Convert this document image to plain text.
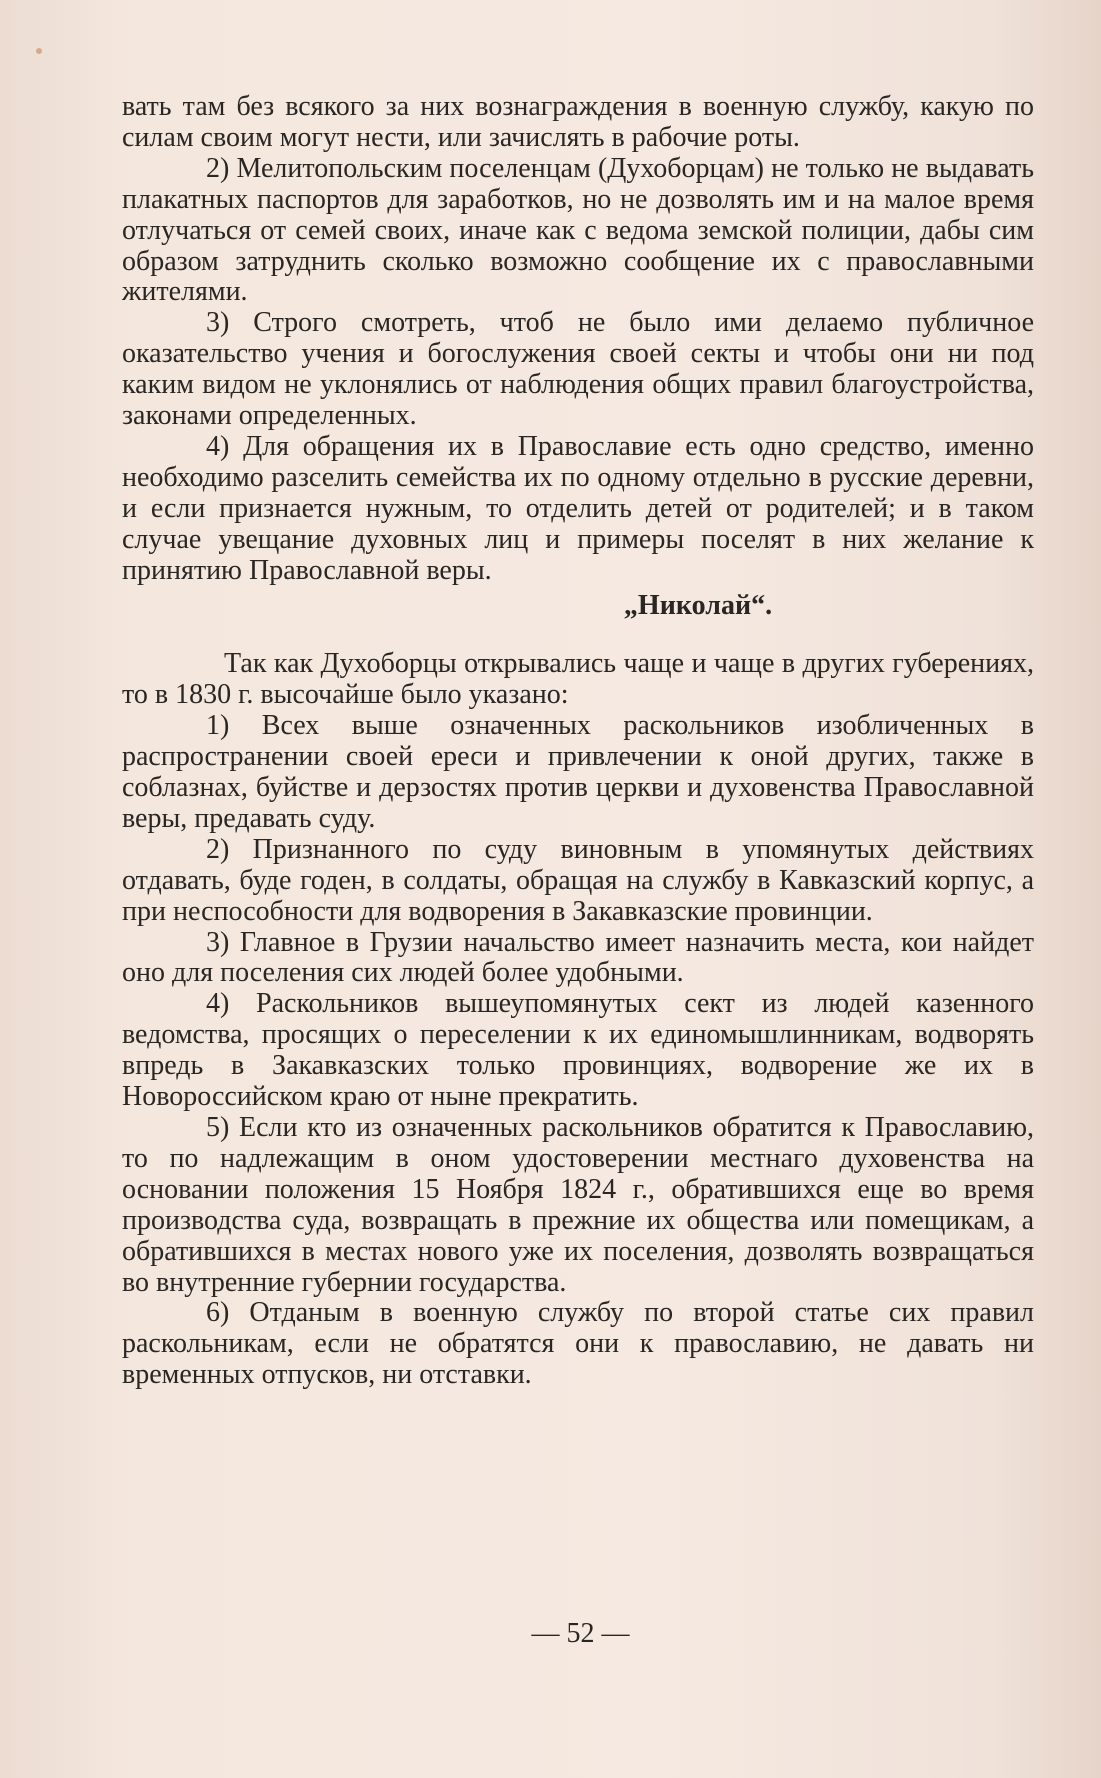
вать там без всякого за них вознаграждения в военную службу, какую по силам своим могут нести, или зачислять в рабочие роты.

2) Мелитопольским поселенцам (Духоборцам) не только не выдавать плакатных паспортов для заработков, но не дозволять им и на малое время отлучаться от семей своих, иначе как с ведома земской полиции, дабы сим образом затруднить сколько возможно сообщение их с православными жителями.

3) Строго смотреть, чтоб не было ими делаемо публичное оказательство учения и богослужения своей секты и чтобы они ни под каким видом не уклонялись от наблюдения общих правил благоустройства, законами определенных.

4) Для обращения их в Православие есть одно средство, именно необходимо разселить семейства их по одному отдельно в русские деревни, и если признается нужным, то отделить детей от родителей; и в таком случае увещание духовных лиц и примеры поселят в них желание к принятию Православной веры.

„Николай“.

Так как Духоборцы открывались чаще и чаще в других губерениях, то в 1830 г. высочайше было указано:

1) Всех выше означенных раскольников изобличенных в распространении своей ереси и привлечении к оной других, также в соблазнах, буйстве и дерзостях против церкви и духовенства Православной веры, предавать суду.

2) Признанного по суду виновным в упомянутых действиях отдавать, буде годен, в солдаты, обращая на службу в Кавказский корпус, а при неспособности для водворения в Закавказские провинции.

3) Главное в Грузии начальство имеет назначить места, кои найдет оно для поселения сих людей более удобными.

4) Раскольников вышеупомянутых сект из людей казенного ведомства, просящих о переселении к их единомышлинникам, водворять впредь в Закавказских только провинциях, водворение же их в Новороссийском краю от ныне прекратить.

5) Если кто из означенных раскольников обратится к Православию, то по надлежащим в оном удостоверении местнаго духовенства на основании положения 15 Ноября 1824 г., обратившихся еще во время производства суда, возвращать в прежние их общества или помещикам, а обратившихся в местах нового уже их поселения, дозволять возвращаться во внутренние губернии государства.

6) Отданым в военную службу по второй статье сих правил раскольникам, если не обратятся они к православию, не давать ни временных отпусков, ни отставки.

— 52 —
